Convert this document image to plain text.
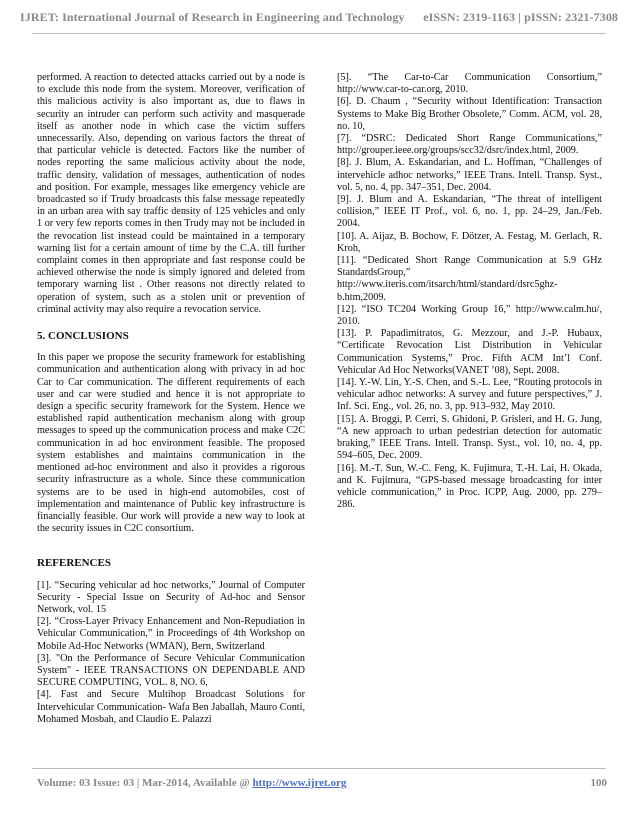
IJRET: International Journal of Research in Engineering and Technology eISSN: 2319-1163 | pISSN: 2321-7308

performed. A reaction to detected attacks carried out by a node is to exclude this node from the system. Moreover, verification of this malicious activity is also important as, due to flaws in security an intruder can perform such activity and masquerade itself as another node in which case the victim suffers unnecessarily. Also, depending on various factors the threat of that particular vehicle is detected. Factors like the number of nodes reporting the same malicious activity about the node, traffic density, validation of messages, authentication of nodes and position. For example, messages like emergency vehicle are broadcasted so if Trudy broadcasts this false message repeatedly in an urban area with say traffic density of 125 vehicles and only 1 or very few reports comes in then Trudy may not be included in the revocation list instead could be maintained in a temporary warning list for a certain amount of time by the C.A. till further complaint comes in then appropriate and fast response could be achieved otherwise the node is simply ignored and deleted from temporary warning list . Other reasons not directly related to operation of system, such as a stolen unit or prevention of criminal activity may also require a revocation service.

5. CONCLUSIONS

In this paper we propose the security framework for establishing communication and authentication along with privacy in ad hoc Car to Car communication. The different requirements of each user and car were studied and hence it is not appropriate to design a specific security framework for the System. Hence we established rapid authentication mechanism along with group messages to speed up the communication process and make C2C communication in ad hoc environment feasible. The proposed system establishes and maintains communication in the mentioned ad-hoc environment and also it provides a rigorous security infrastructure as a whole. Since these communication systems are to be used in high-end automobiles, cost of implementation and maintenance of Public key infrastructure is financially feasible. Our work will provide a new way to look at the security issues in C2C consortium.

REFERENCES

[1]. “Securing vehicular ad hoc networks,” Journal of Computer Security - Special Issue on Security of Ad-hoc and Sensor Network, vol. 15

[2]. “Cross-Layer Privacy Enhancement and Non-Repudiation in Vehicular Communication,” in Proceedings of 4th Workshop on Mobile Ad-Hoc Networks (WMAN), Bern, Switzerland

[3]. "On the Performance of Secure Vehicular Communication System" - IEEE TRANSACTIONS ON DEPENDABLE AND SECURE COMPUTING, VOL. 8, NO. 6,

[4]. Fast and Secure Multihop Broadcast Solutions for Intervehicular Communication- Wafa Ben Jaballah, Mauro Conti, Mohamed Mosbah, and Claudio E. Palazzi

[5]. “The Car-to-Car Communication Consortium,” http://www.car-to-car.org, 2010.

[6]. D. Chaum , “Security without Identification: Transaction Systems to Make Big Brother Obsolete,” Comm. ACM, vol. 28, no. 10,

[7]. “DSRC: Dedicated Short Range Communications,” http://grouper.ieee.org/groups/scc32/dsrc/index.html, 2009.

[8]. J. Blum, A. Eskandarian, and L. Hoffman, “Challenges of intervehicle adhoc networks,” IEEE Trans. Intell. Transp. Syst., vol. 5, no. 4, pp. 347–351, Dec. 2004.

[9]. J. Blum and A. Eskandarian, “The threat of intelligent collision,” IEEE IT Prof., vol. 6, no. 1, pp. 24–29, Jan./Feb. 2004.

[10]. A. Aijaz, B. Bochow, F. Dötzer, A. Festag, M. Gerlach, R. Kroh,

[11]. “Dedicated Short Range Communication at 5.9 GHz StandardsGroup,” http://www.iteris.com/itsarch/html/standard/dsrc5ghz-b.htm,2009.

[12]. “ISO TC204 Working Group 16,” http://www.calm.hu/, 2010.

[13]. P. Papadimitratos, G. Mezzour, and J.-P. Hubaux, “Certificate Revocation List Distribution in Vehicular Communication Systems,” Proc. Fifth ACM Int’l Conf. Vehicular Ad Hoc Networks(VANET ’08), Sept. 2008.

[14]. Y.-W. Lin, Y.-S. Chen, and S.-L. Lee, “Routing protocols in vehicular adhoc networks: A survey and future perspectives,” J. Inf. Sci. Eng., vol. 26, no. 3, pp. 913–932, May 2010.

[15]. A. Broggi, P. Cerri, S. Ghidoni, P. Grisleri, and H. G. Jung, “A new approach to urban pedestrian detection for automatic braking,” IEEE Trans. Intell. Transp. Syst., vol. 10, no. 4, pp. 594–605, Dec. 2009.

[16]. M.-T. Sun, W.-C. Feng, K. Fujimura, T.-H. Lai, H. Okada, and K. Fujimura, “GPS-based message broadcasting for inter vehicle communication,” in Proc. ICPP, Aug. 2000, pp. 279–286.

Volume: 03 Issue: 03 | Mar-2014, Available @ http://www.ijret.org	100
